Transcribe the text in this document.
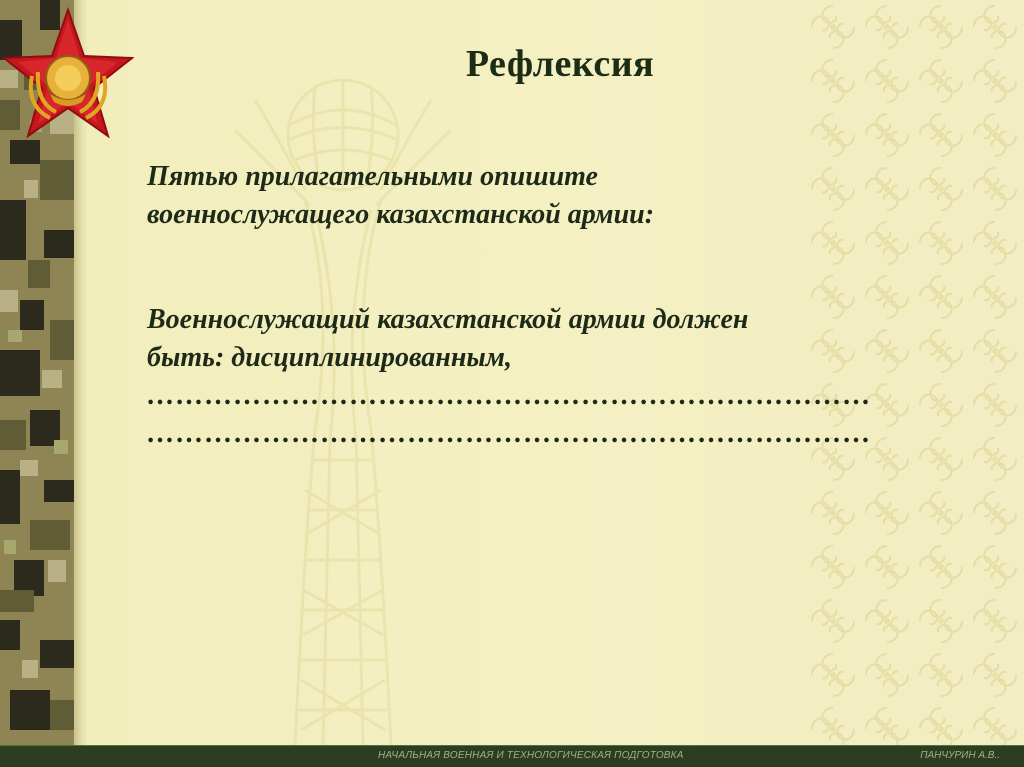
Рефлексия
Пятью прилагательными опишите
военнослужащего казахстанской армии:
Военнослужащий казахстанской армии должен
быть: дисциплинированным,
…………………………………………………………………
…………………………………………………………………
НАЧАЛЬНАЯ ВОЕННАЯ И ТЕХНОЛОГИЧЕСКАЯ ПОДГОТОВКА	ПАНЧУРИН А.В..
